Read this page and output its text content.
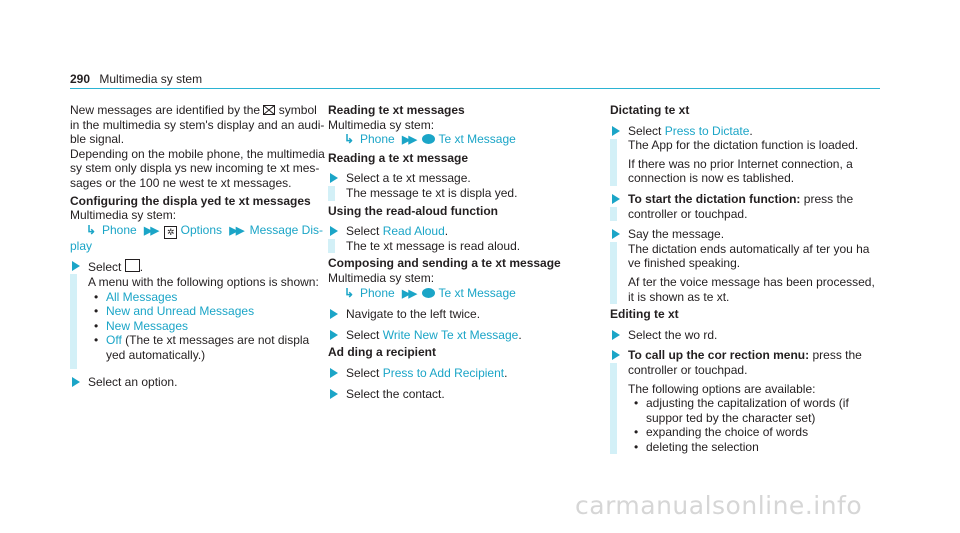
290 Multimedia sy stem

New messages are identified by the symbol in the multimedia sy stem's display and an audi‐ ble signal.

Depending on the mobile phone, the multimedia sy stem only displa ys new incoming te xt mes‐ sages or the 100 ne west te xt messages.

Configuring the displa yed te xt messages

Multimedia sy stem:

↳ Phone ▶▶ ✲ Options ▶▶ Message Dis‐

play

Select .

A menu with the following options is shown:

• All Messages

• New and Unread Messages

• New Messages

• Off (The te xt messages are not displa yed automatically.)

Select an option.

Reading te xt messages

Multimedia sy stem:

↳ Phone ▶▶ Te xt Message

Reading a te xt message

Select a te xt message.

The message te xt is displa yed.

Using the read-aloud function

Select Read Aloud.

The te xt message is read aloud.

Composing and sending a te xt message

Multimedia sy stem:

↳ Phone ▶▶ Te xt Message

Navigate to the left twice.

Select Write New Te xt Message.

Ad ding a recipient

Select Press to Add Recipient.

Select the contact.

Dictating te xt

Select Press to Dictate.

The App for the dictation function is loaded.

If there was no prior Internet connection, a connection is now es tablished.

To start the dictation function: press the controller or touchpad.

Say the message.

The dictation ends automatically af ter you ha ve finished speaking.

Af ter the voice message has been processed, it is shown as te xt.

Editing te xt

Select the wo rd.

To call up the cor rection menu: press the controller or touchpad.

The following options are available:

• adjusting the capitalization of words (if suppor ted by the character set)

• expanding the choice of words

• deleting the selection

carmanualsonline.info
